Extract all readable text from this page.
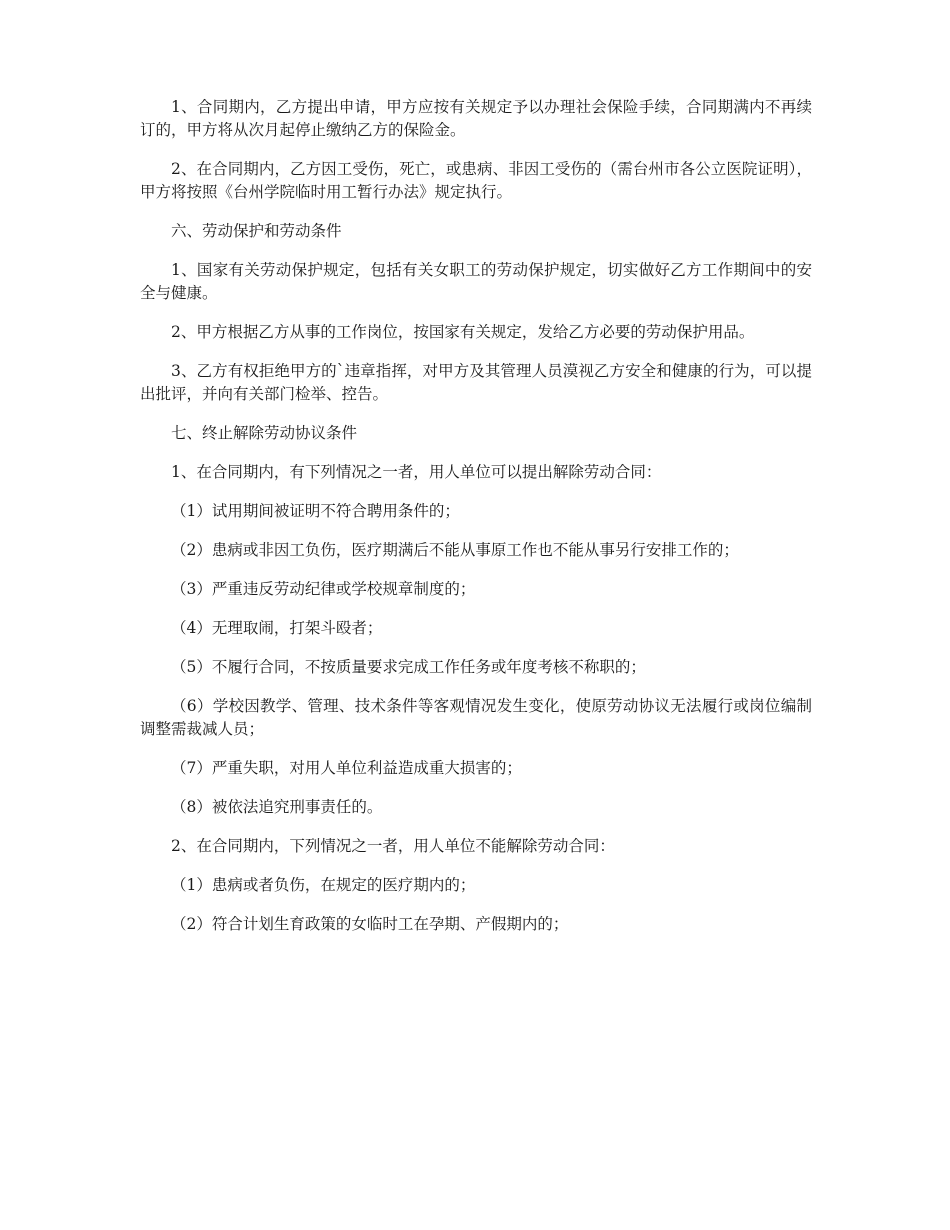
1、合同期内，乙方提出申请，甲方应按有关规定予以办理社会保险手续，合同期满内不再续订的，甲方将从次月起停止缴纳乙方的保险金。

2、在合同期内，乙方因工受伤，死亡，或患病、非因工受伤的（需台州市各公立医院证明），甲方将按照《台州学院临时用工暂行办法》规定执行。

六、劳动保护和劳动条件

1、国家有关劳动保护规定，包括有关女职工的劳动保护规定，切实做好乙方工作期间中的安全与健康。

2、甲方根据乙方从事的工作岗位，按国家有关规定，发给乙方必要的劳动保护用品。

3、乙方有权拒绝甲方的`违章指挥，对甲方及其管理人员漠视乙方安全和健康的行为，可以提出批评，并向有关部门检举、控告。

七、终止解除劳动协议条件

1、在合同期内，有下列情况之一者，用人单位可以提出解除劳动合同：

（1）试用期间被证明不符合聘用条件的；

（2）患病或非因工负伤，医疗期满后不能从事原工作也不能从事另行安排工作的；

（3）严重违反劳动纪律或学校规章制度的；

（4）无理取闹，打架斗殴者；

（5）不履行合同，不按质量要求完成工作任务或年度考核不称职的；

（6）学校因教学、管理、技术条件等客观情况发生变化，使原劳动协议无法履行或岗位编制调整需裁减人员；

（7）严重失职，对用人单位利益造成重大损害的；

（8）被依法追究刑事责任的。

2、在合同期内，下列情况之一者，用人单位不能解除劳动合同：

（1）患病或者负伤，在规定的医疗期内的；

（2）符合计划生育政策的女临时工在孕期、产假期内的；
